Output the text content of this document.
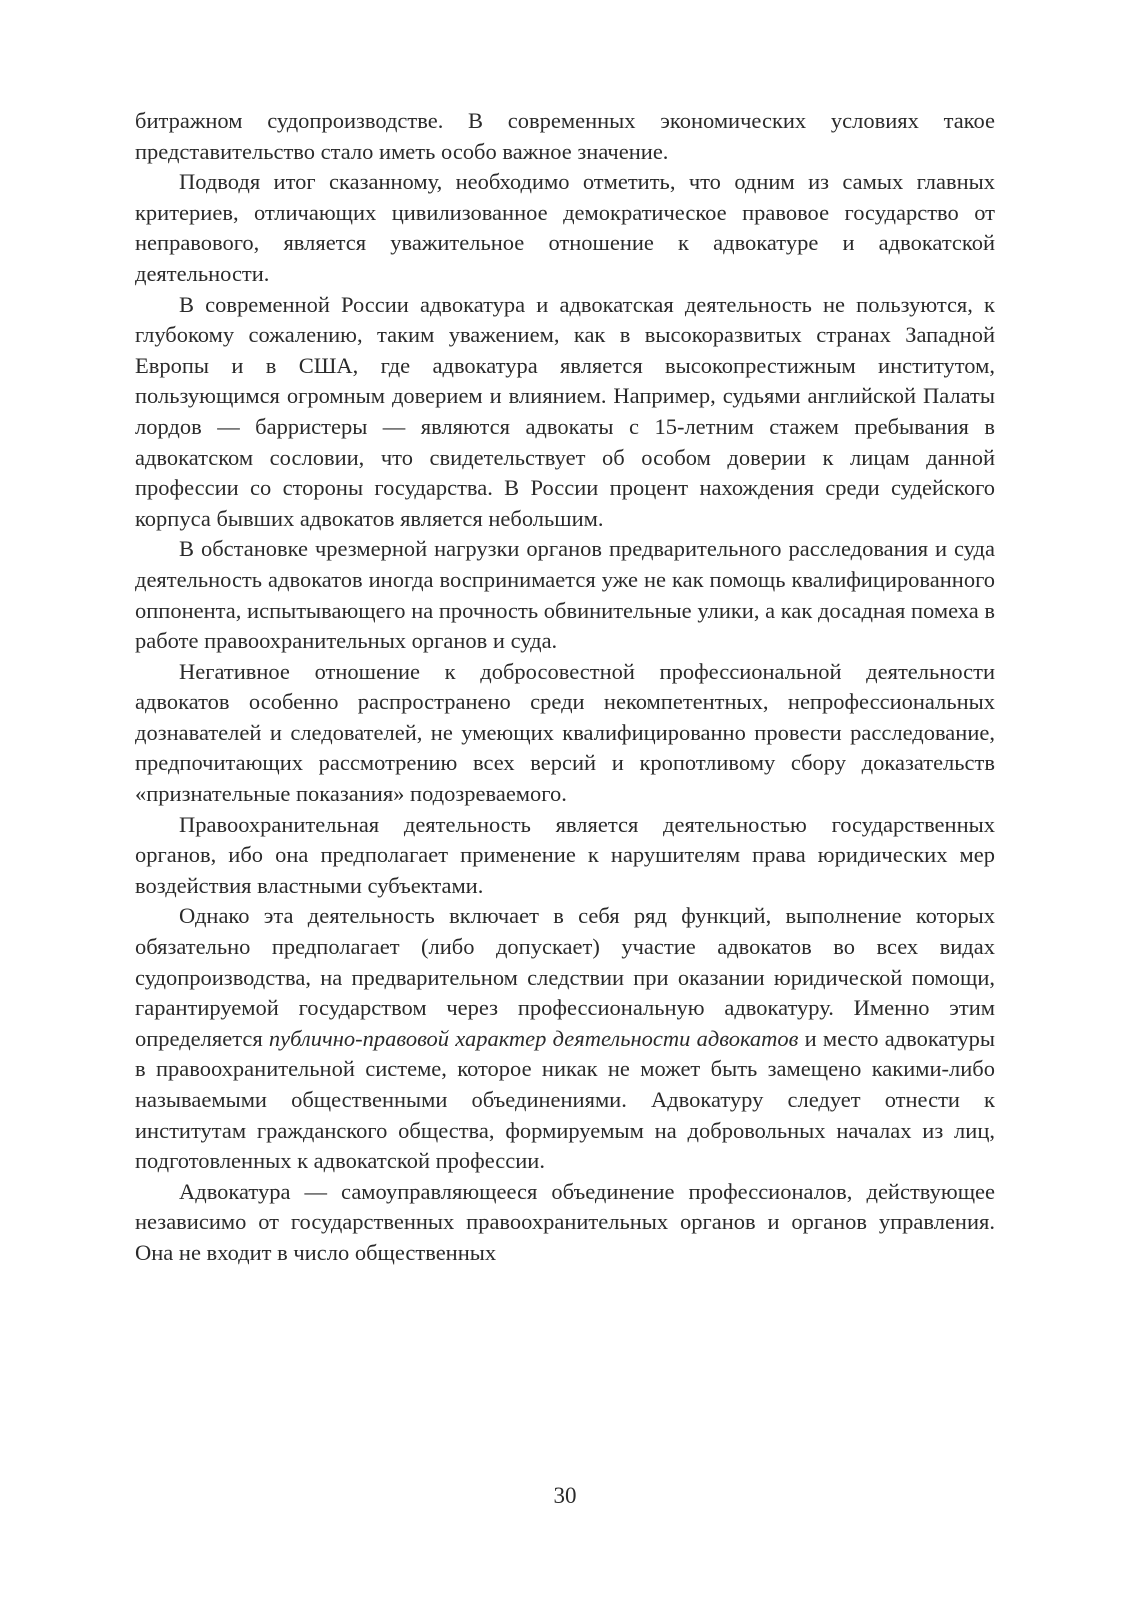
битражном судопроизводстве. В современных экономических условиях такое представительство стало иметь особо важное значение.

Подводя итог сказанному, необходимо отметить, что одним из самых главных критериев, отличающих цивилизованное демократическое правовое государство от неправового, является уважительное отношение к адвокатуре и адвокатской деятельности.

В современной России адвокатура и адвокатская деятельность не пользуются, к глубокому сожалению, таким уважением, как в высокоразвитых странах Западной Европы и в США, где адвокатура является высокопрестижным институтом, пользующимся огромным доверием и влиянием. Например, судьями английской Палаты лордов — барристеры — являются адвокаты с 15-летним стажем пребывания в адвокатском сословии, что свидетельствует об особом доверии к лицам данной профессии со стороны государства. В России процент нахождения среди судейского корпуса бывших адвокатов является небольшим.

В обстановке чрезмерной нагрузки органов предварительного расследования и суда деятельность адвокатов иногда воспринимается уже не как помощь квалифицированного оппонента, испытывающего на прочность обвинительные улики, а как досадная помеха в работе правоохранительных органов и суда.

Негативное отношение к добросовестной профессиональной деятельности адвокатов особенно распространено среди некомпетентных, непрофессиональных дознавателей и следователей, не умеющих квалифицированно провести расследование, предпочитающих рассмотрению всех версий и кропотливому сбору доказательств «признательные показания» подозреваемого.

Правоохранительная деятельность является деятельностью государственных органов, ибо она предполагает применение к нарушителям права юридических мер воздействия властными субъектами.

Однако эта деятельность включает в себя ряд функций, выполнение которых обязательно предполагает (либо допускает) участие адвокатов во всех видах судопроизводства, на предварительном следствии при оказании юридической помощи, гарантируемой государством через профессиональную адвокатуру. Именно этим определяется публично-правовой характер деятельности адвокатов и место адвокатуры в правоохранительной системе, которое никак не может быть замещено какими-либо называемыми общественными объединениями. Адвокатуру следует отнести к институтам гражданского общества, формируемым на добровольных началах из лиц, подготовленных к адвокатской профессии.

Адвокатура — самоуправляющееся объединение профессионалов, действующее независимо от государственных правоохранительных органов и органов управления. Она не входит в число общественных

30
